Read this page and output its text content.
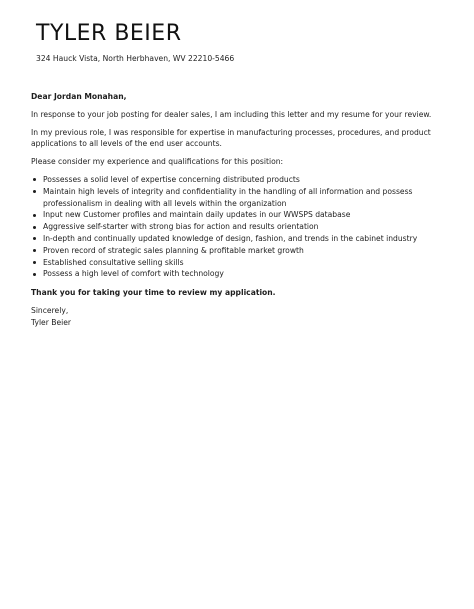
TYLER BEIER
324 Hauck Vista, North Herbhaven, WV 22210-5466

Dear Jordan Monahan,

In response to your job posting for dealer sales, I am including this letter and my resume for your review.

In my previous role, I was responsible for expertise in manufacturing processes, procedures, and product applications to all levels of the end user accounts.

Please consider my experience and qualifications for this position:

Possesses a solid level of expertise concerning distributed products
Maintain high levels of integrity and confidentiality in the handling of all information and possess professionalism in dealing with all levels within the organization
Input new Customer profiles and maintain daily updates in our WWSPS database
Aggressive self-starter with strong bias for action and results orientation
In-depth and continually updated knowledge of design, fashion, and trends in the cabinet industry
Proven record of strategic sales planning & profitable market growth
Established consultative selling skills
Possess a high level of comfort with technology

Thank you for taking your time to review my application.

Sincerely,

Tyler Beier
